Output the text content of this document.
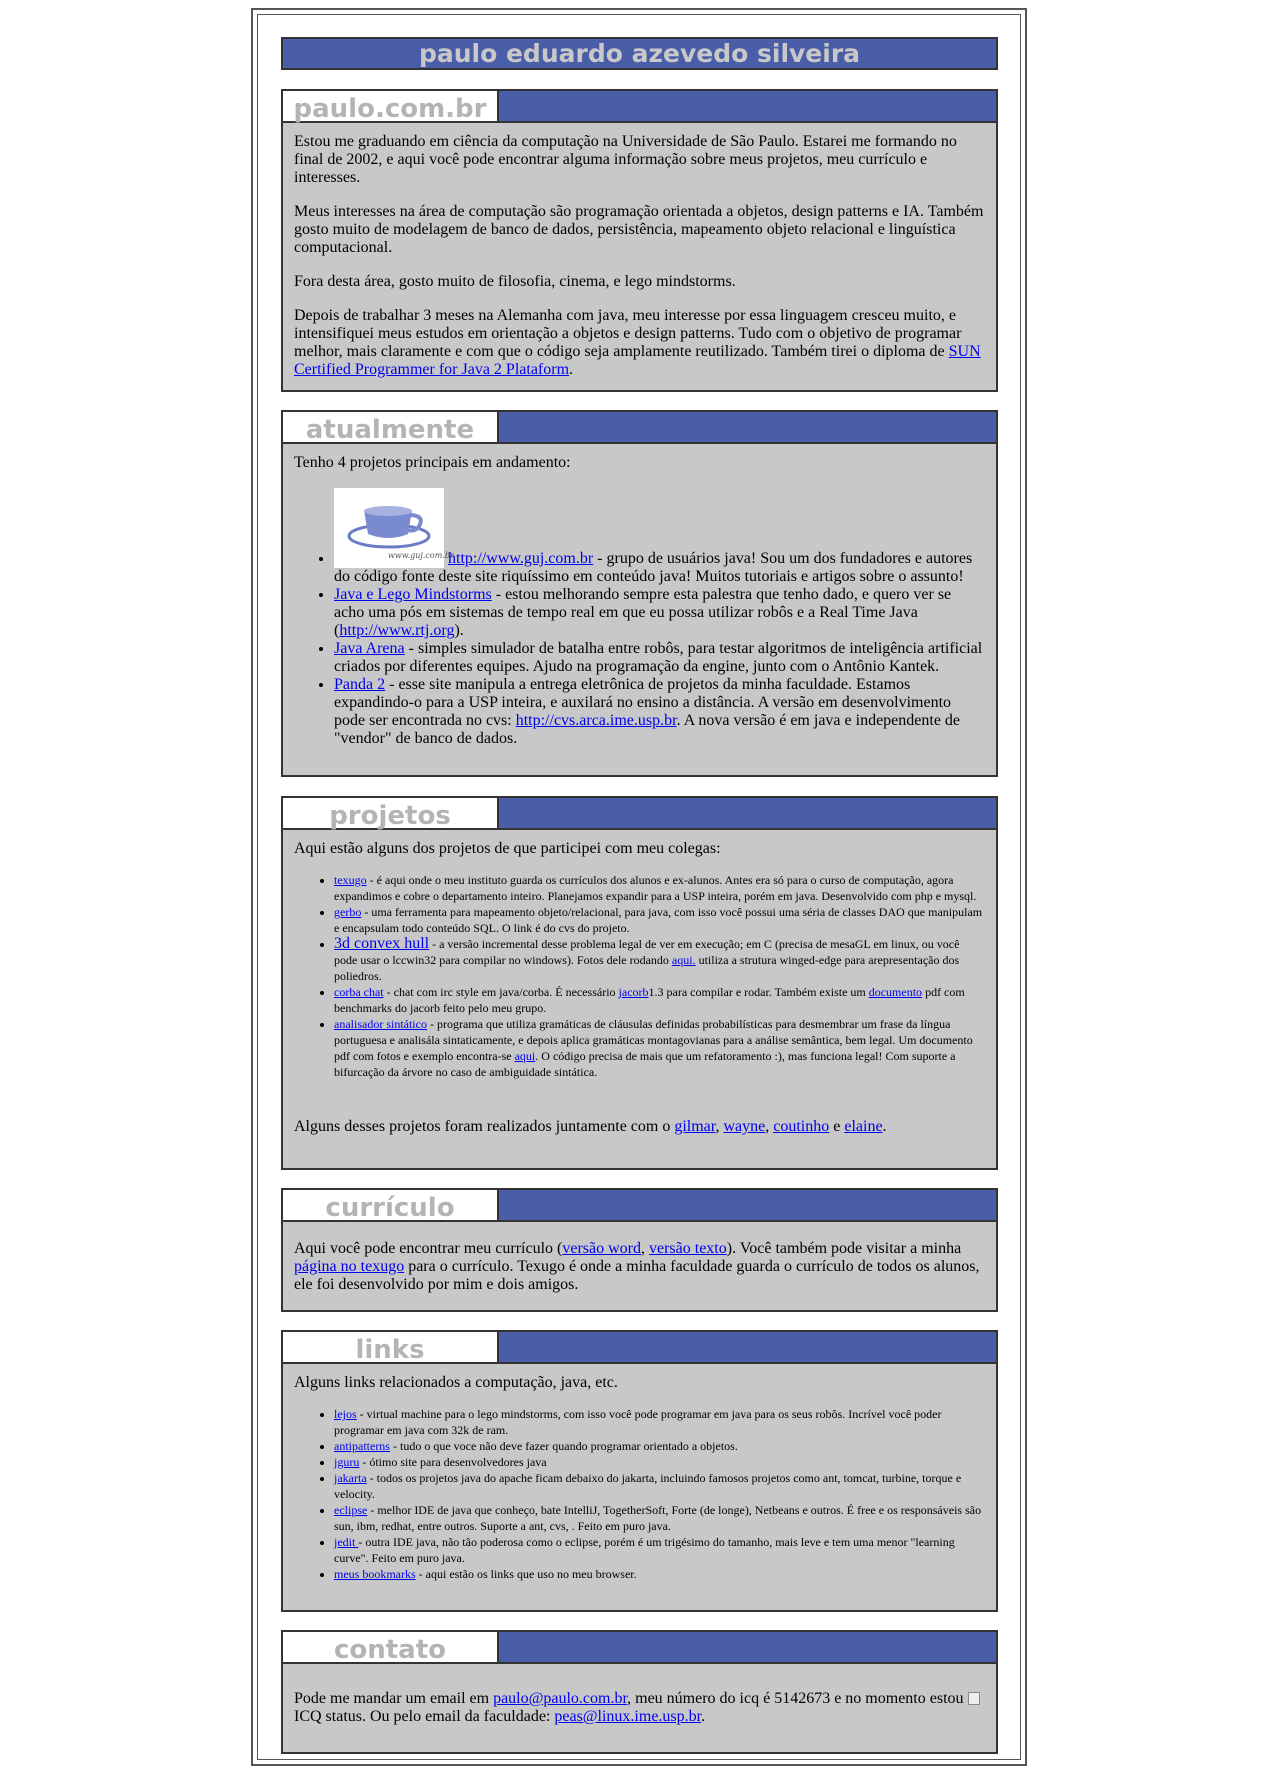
paulo eduardo azevedo silveira
paulo.com.br

Estou me graduando em ciência da computação na Universidade de São Paulo. Estarei me formando no final de 2002, e aqui você pode encontrar alguma informação sobre meus projetos, meu currículo e interesses.

Meus interesses na área de computação são programação orientada a objetos, design patterns e IA. Também gosto muito de modelagem de banco de dados, persistência, mapeamento objeto relacional e linguística computacional.

Fora desta área, gosto muito de filosofia, cinema, e lego mindstorms.

Depois de trabalhar 3 meses na Alemanha com java, meu interesse por essa linguagem cresceu muito, e intensifiquei meus estudos em orientação a objetos e design patterns. Tudo com o objetivo de programar melhor, mais claramente e com que o código seja amplamente reutilizado. Também tirei o diploma de SUN Certified Programmer for Java 2 Plataform.

atualmente

Tenho 4 projetos principais em andamento:

• www.guj.com.br
http://www.guj.com.br - grupo de usuários java! Sou um dos fundadores e autores do código fonte deste site riquíssimo em conteúdo java! Muitos tutoriais e artigos sobre o assunto!
• Java e Lego Mindstorms - estou melhorando sempre esta palestra que tenho dado, e quero ver se acho uma pós em sistemas de tempo real em que eu possa utilizar robôs e a Real Time Java (http://www.rtj.org).
• Java Arena - simples simulador de batalha entre robôs, para testar algoritmos de inteligência artificial criados por diferentes equipes. Ajudo na programação da engine, junto com o Antônio Kantek.
• Panda 2 - esse site manipula a entrega eletrônica de projetos da minha faculdade. Estamos expandindo-o para a USP inteira, e auxilará no ensino a distância. A versão em desenvolvimento pode ser encontrada no cvs: http://cvs.arca.ime.usp.br. A nova versão é em java e independente de "vendor" de banco de dados.
projetos

Aqui estão alguns dos projetos de que participei com meu colegas:

• texugo - é aqui onde o meu instituto guarda os currículos dos alunos e ex-alunos. Antes era só para o curso de computação, agora expandimos e cobre o departamento inteiro. Planejamos expandir para a USP inteira, porém em java. Desenvolvido com php e mysql.
• gerbo - uma ferramenta para mapeamento objeto/relacional, para java, com isso você possui uma séria de classes DAO que manipulam e encapsulam todo conteúdo SQL. O link é do cvs do projeto.
• 3d convex hull - a versão incremental desse problema legal de ver em execução; em C (precisa de mesaGL em linux, ou você pode usar o lccwin32 para compilar no windows). Fotos dele rodando aqui. utiliza a strutura winged-edge para arepresentação dos poliedros.
• corba chat - chat com irc style em java/corba. É necessário jacorb1.3 para compilar e rodar. Também existe um documento pdf com benchmarks do jacorb feito pelo meu grupo.
• analisador sintático - programa que utiliza gramáticas de cláusulas definidas probabilísticas para desmembrar um frase da língua portuguesa e analisála sintaticamente, e depois aplica gramáticas montagovianas para a análise semântica, bem legal. Um documento pdf com fotos e exemplo encontra-se aqui. O código precisa de mais que um refatoramento :), mas funciona legal! Com suporte a bifurcação da árvore no caso de ambiguidade sintática.

Alguns desses projetos foram realizados juntamente com o gilmar, wayne, coutinho e elaine.

currículo

Aqui você pode encontrar meu currículo (versão word, versão texto). Você também pode visitar a minha página no texugo para o currículo. Texugo é onde a minha faculdade guarda o currículo de todos os alunos, ele foi desenvolvido por mim e dois amigos.

links

Alguns links relacionados a computação, java, etc.

• lejos - virtual machine para o lego mindstorms, com isso você pode programar em java para os seus robôs. Incrível você poder programar em java com 32k de ram.
• antipatterns - tudo o que voce não deve fazer quando programar orientado a objetos.
• jguru - ótimo site para desenvolvedores java
• jakarta - todos os projetos java do apache ficam debaixo do jakarta, incluindo famosos projetos como ant, tomcat, turbine, torque e velocity.
• eclipse - melhor IDE de java que conheço, bate IntelliJ, TogetherSoft, Forte (de longe), Netbeans e outros. É free e os responsáveis são sun, ibm, redhat, entre outros. Suporte a ant, cvs, . Feito em puro java.
• jedit - outra IDE java, não tão poderosa como o eclipse, porém é um trigésimo do tamanho, mais leve e tem uma menor "learning curve". Feito em puro java.
• meus bookmarks - aqui estão os links que uso no meu browser.
contato

Pode me mandar um email em paulo@paulo.com.br, meu número do icq é 5142673 e no momento estou ICQ status. Ou pelo email da faculdade: peas@linux.ime.usp.br.
